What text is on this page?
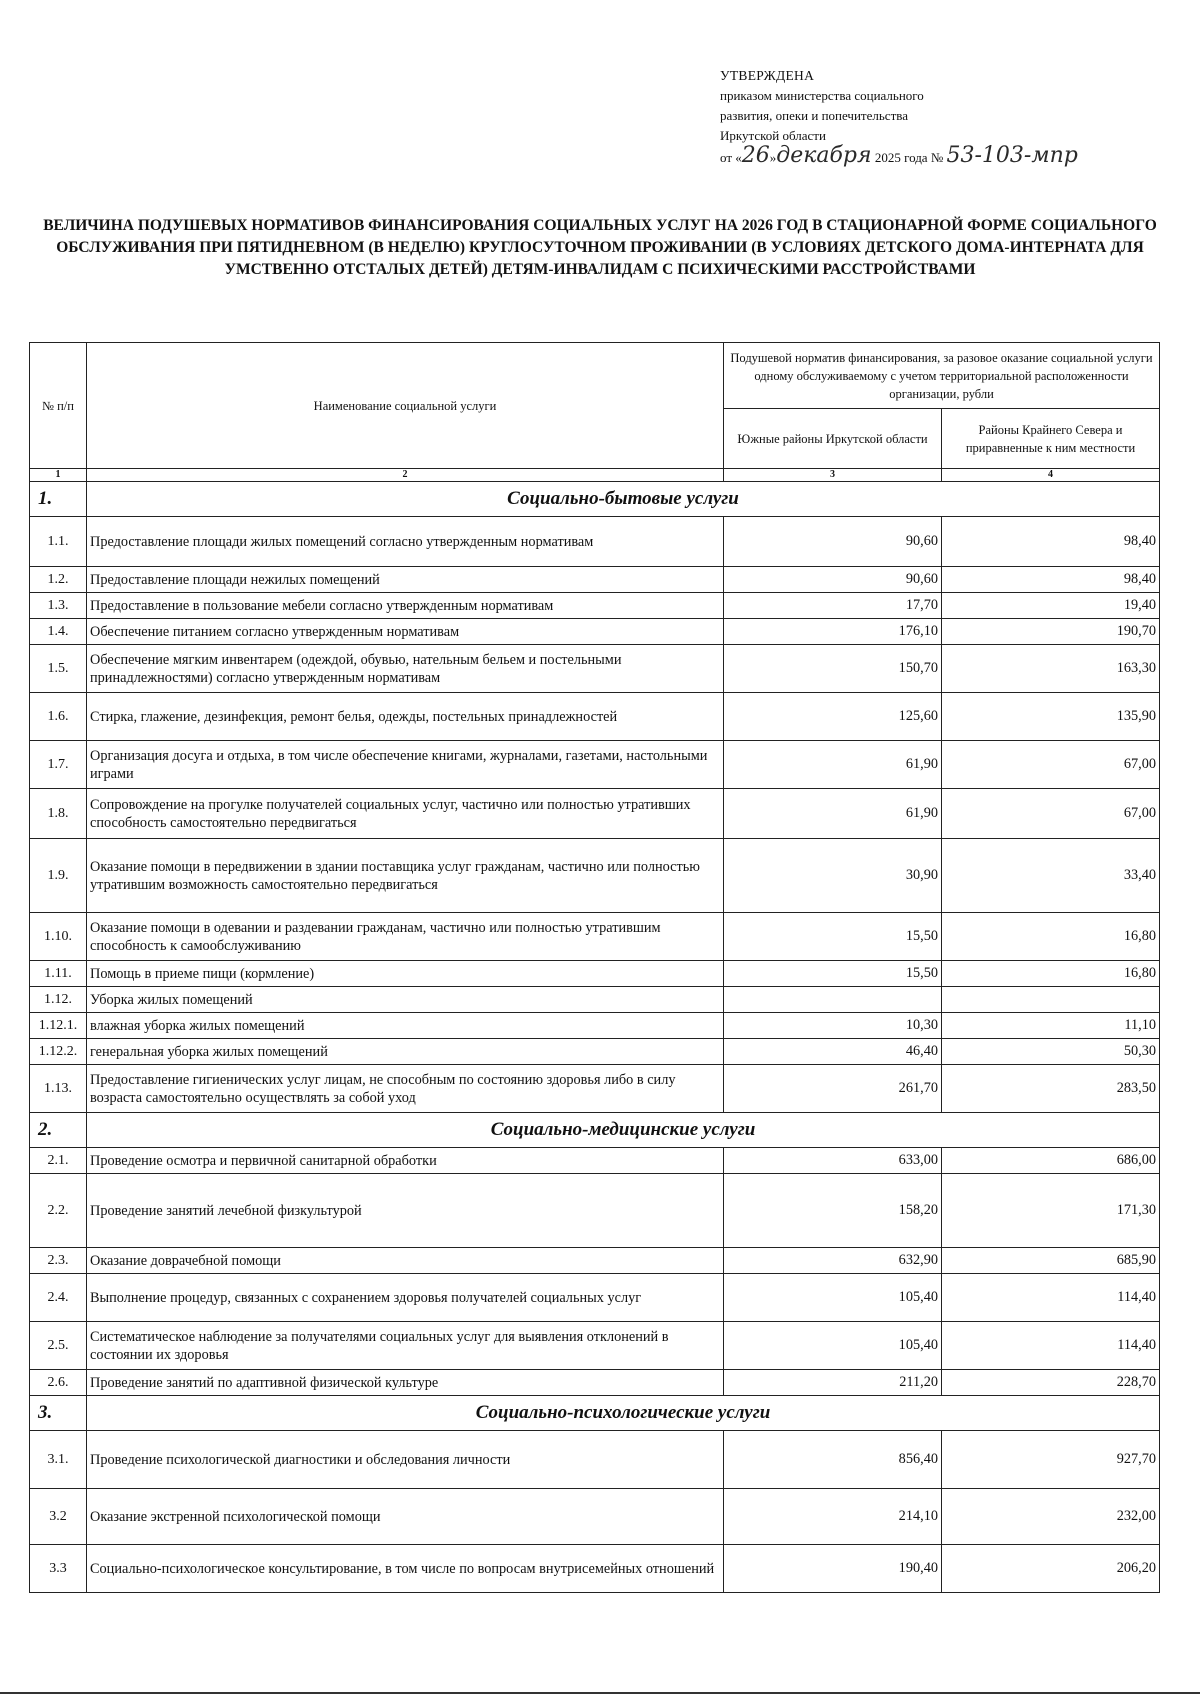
УТВЕРЖДЕНА
приказом министерства социального
развития, опеки и попечительства
Иркутской области
от «26»декабря 2025 года № 53-103-мпр
ВЕЛИЧИНА ПОДУШЕВЫХ НОРМАТИВОВ ФИНАНСИРОВАНИЯ СОЦИАЛЬНЫХ УСЛУГ НА 2026 ГОД В СТАЦИОНАРНОЙ ФОРМЕ СОЦИАЛЬНОГО ОБСЛУЖИВАНИЯ ПРИ ПЯТИДНЕВНОМ (В НЕДЕЛЮ) КРУГЛОСУТОЧНОМ ПРОЖИВАНИИ (В УСЛОВИЯХ ДЕТСКОГО ДОМА-ИНТЕРНАТА ДЛЯ УМСТВЕННО ОТСТАЛЫХ ДЕТЕЙ) ДЕТЯМ-ИНВАЛИДАМ С ПСИХИЧЕСКИМИ РАССТРОЙСТВАМИ
№ п/п	Наименование социальной услуги	Подушевой норматив финансирования, за разовое оказание социальной услуги одному обслуживаемому с учетом территориальной расположенности организации, рубли	
		Южные районы Иркутской области	Районы Крайнего Севера и приравненные к ним местности
1	2	3	4
1.	Социально-бытовые услуги		
1.1.	Предоставление площади жилых помещений согласно утвержденным нормативам	90,60	98,40
1.2.	Предоставление площади нежилых помещений	90,60	98,40
1.3.	Предоставление в пользование мебели согласно утвержденным нормативам	17,70	19,40
1.4.	Обеспечение питанием согласно утвержденным нормативам	176,10	190,70
1.5.	Обеспечение мягким инвентарем (одеждой, обувью, нательным бельем и постельными принадлежностями) согласно утвержденным нормативам	150,70	163,30
1.6.	Стирка, глажение, дезинфекция, ремонт белья, одежды, постельных принадлежностей	125,60	135,90
1.7.	Организация досуга и отдыха, в том числе обеспечение книгами, журналами, газетами, настольными играми	61,90	67,00
1.8.	Сопровождение на прогулке получателей социальных услуг, частично или полностью утративших способность самостоятельно передвигаться	61,90	67,00
1.9.	Оказание помощи в передвижении в здании поставщика услуг гражданам, частично или полностью утратившим возможность самостоятельно передвигаться	30,90	33,40
1.10.	Оказание помощи в одевании и раздевании гражданам, частично или полностью утратившим способность к самообслуживанию	15,50	16,80
1.11.	Помощь в приеме пищи (кормление)	15,50	16,80
1.12.	Уборка жилых помещений		
1.12.1.	влажная уборка жилых помещений	10,30	11,10
1.12.2.	генеральная уборка жилых помещений	46,40	50,30
1.13.	Предоставление гигиенических услуг лицам, не способным по состоянию здоровья либо в силу возраста самостоятельно осуществлять за собой уход	261,70	283,50
2.	Социально-медицинские услуги		
2.1.	Проведение осмотра и первичной санитарной обработки	633,00	686,00
2.2.	Проведение занятий лечебной физкультурой	158,20	171,30
2.3.	Оказание доврачебной помощи	632,90	685,90
2.4.	Выполнение процедур, связанных с сохранением здоровья получателей социальных услуг	105,40	114,40
2.5.	Систематическое наблюдение за получателями социальных услуг для выявления отклонений в состоянии их здоровья	105,40	114,40
2.6.	Проведение занятий по адаптивной физической культуре	211,20	228,70
3.	Социально-психологические услуги		
3.1.	Проведение психологической диагностики и обследования личности	856,40	927,70
3.2	Оказание экстренной психологической помощи	214,10	232,00
3.3	Социально-психологическое консультирование, в том числе по вопросам внутрисемейных отношений	190,40	206,20
